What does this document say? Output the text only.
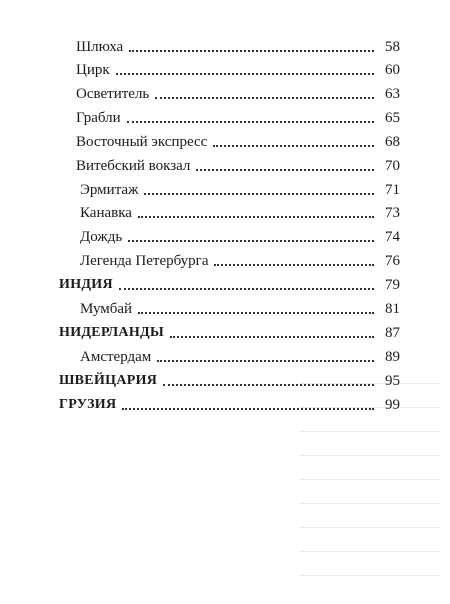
Шлюха	58
Цирк	60
Осветитель	63
Грабли	65
Восточный экспресс	68
Витебский вокзал	70
Эрмитаж	71
Канавка	73
Дождь	74
Легенда Петербурга	76
ИНДИЯ	79
Мумбай	81
НИДЕРЛАНДЫ	87
Амстердам	89
ШВЕЙЦАРИЯ	95
ГРУЗИЯ	99
